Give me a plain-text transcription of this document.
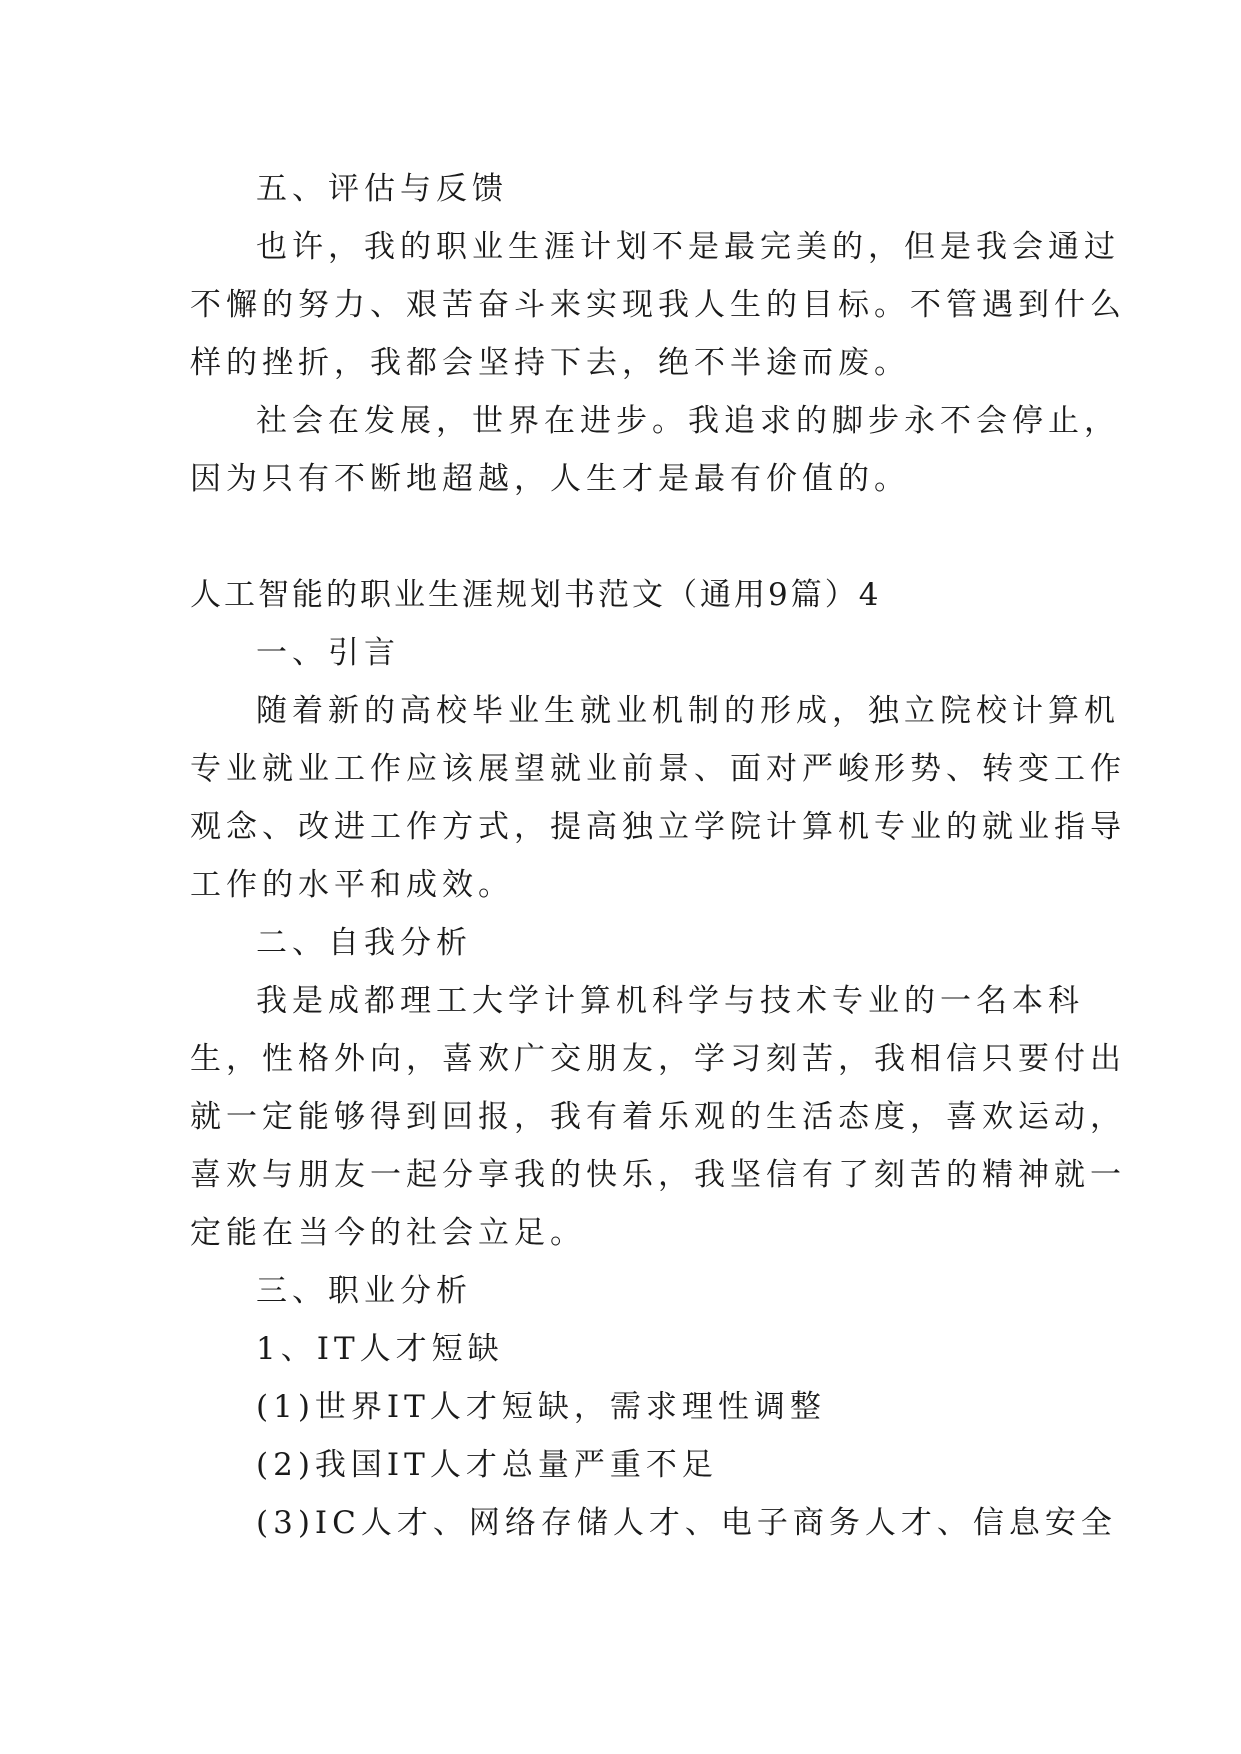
五、评估与反馈
也许，我的职业生涯计划不是最完美的，但是我会通过
不懈的努力、艰苦奋斗来实现我人生的目标。不管遇到什么
样的挫折，我都会坚持下去，绝不半途而废。
社会在发展，世界在进步。我追求的脚步永不会停止，
因为只有不断地超越，人生才是最有价值的。
人工智能的职业生涯规划书范文（通用9篇）4
一、引言
随着新的高校毕业生就业机制的形成，独立院校计算机
专业就业工作应该展望就业前景、面对严峻形势、转变工作
观念、改进工作方式，提高独立学院计算机专业的就业指导
工作的水平和成效。
二、自我分析
我是成都理工大学计算机科学与技术专业的一名本科
生，性格外向，喜欢广交朋友，学习刻苦，我相信只要付出
就一定能够得到回报，我有着乐观的生活态度，喜欢运动，
喜欢与朋友一起分享我的快乐，我坚信有了刻苦的精神就一
定能在当今的社会立足。
三、职业分析
1、IT人才短缺
(1)世界IT人才短缺，需求理性调整
(2)我国IT人才总量严重不足
(3)IC人才、网络存储人才、电子商务人才、信息安全
